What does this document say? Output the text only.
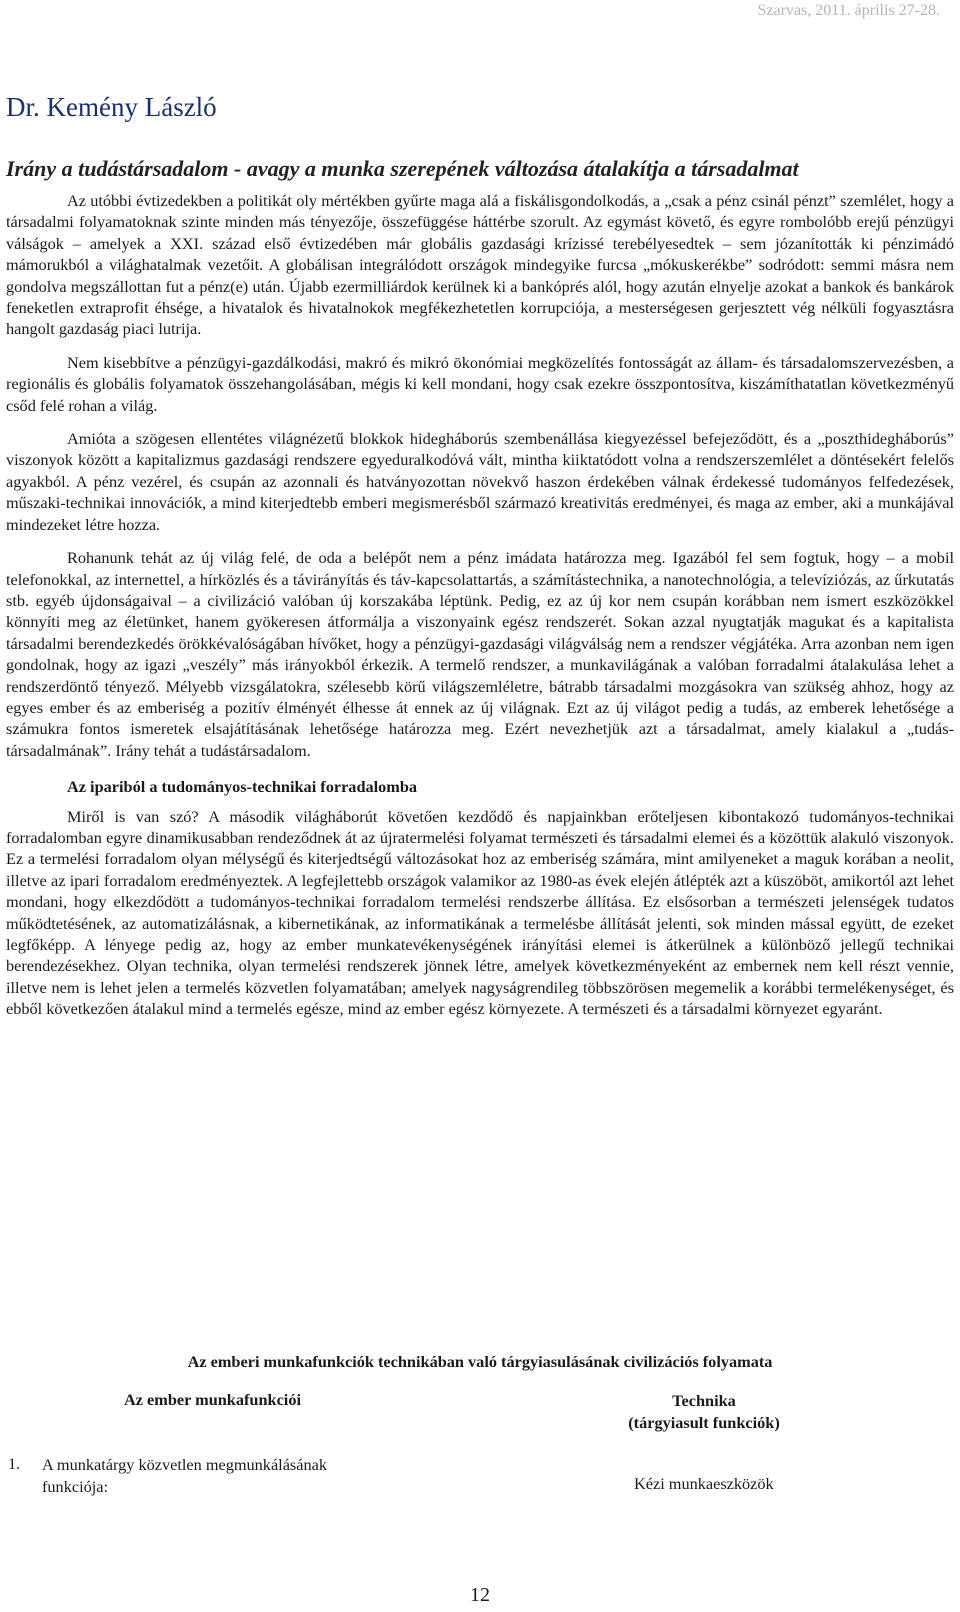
Szarvas, 2011. április 27-28.
Dr. Kemény László
Irány a tudástársadalom - avagy a munka szerepének változása átalakítja a társadalmat

Az utóbbi évtizedekben a politikát oly mértékben gyűrte maga alá a fiskálisgondolkodás, a „csak a pénz csinál pénzt” szemlélet, hogy a társadalmi folyamatoknak szinte minden más tényezője, összefüggése háttérbe szorult. Az egymást követő, és egyre rombolóbb erejű pénzügyi válságok – amelyek a XXI. század első évtizedében már globális gazdasági krízissé terebélyesedtek – sem józanították ki pénzimádó mámorukból a világhatalmak vezetőit. A globálisan integrálódott országok mindegyike furcsa „mókuskerékbe” sodródott: semmi másra nem gondolva megszállottan fut a pénz(e) után. Újabb ezermilliárdok kerülnek ki a bankóprés alól, hogy azután elnyelje azokat a bankok és bankárok feneketlen extraprofit éhsége, a hivatalok és hivatalnokok megfékezhetetlen korrupciója, a mesterségesen gerjesztett vég nélküli fogyasztásra hangolt gazdaság piaci lutrija.

Nem kisebbítve a pénzügyi-gazdálkodási, makró és mikró ökonómiai megközelítés fontosságát az állam- és társadalomszervezésben, a regionális és globális folyamatok összehangolásában, mégis ki kell mondani, hogy csak ezekre összpontosítva, kiszámíthatatlan következményű csőd felé rohan a világ.

Amióta a szögesen ellentétes világnézetű blokkok hidegháborús szembenállása kiegyezéssel befejeződött, és a „poszthidegháborús” viszonyok között a kapitalizmus gazdasági rendszere egyeduralkodóvá vált, mintha kiiktatódott volna a rendszerszemlélet a döntésekért felelős agyakból. A pénz vezérel, és csupán az azonnali és hatványozottan növekvő haszon érdekében válnak érdekessé tudományos felfedezések, műszaki-technikai innovációk, a mind kiterjedtebb emberi megismerésből származó kreativitás eredményei, és maga az ember, aki a munkájával mindezeket létre hozza.

Rohanunk tehát az új világ felé, de oda a belépőt nem a pénz imádata határozza meg. Igazából fel sem fogtuk, hogy – a mobil telefonokkal, az internettel, a hírközlés és a távirányítás és táv-kapcsolattartás, a számítástechnika, a nanotechnológia, a televíziózás, az űrkutatás stb. egyéb újdonságaival – a civilizáció valóban új korszakába léptünk. Pedig, ez az új kor nem csupán korábban nem ismert eszközökkel könnyíti meg az életünket, hanem gyökeresen átformálja a viszonyaink egész rendszerét. Sokan azzal nyugtatják magukat és a kapitalista társadalmi berendezkedés örökkévalóságában hívőket, hogy a pénzügyi-gazdasági világválság nem a rendszer végjátéka. Arra azonban nem igen gondolnak, hogy az igazi „veszély” más irányokból érkezik. A termelő rendszer, a munkavilágának a valóban forradalmi átalakulása lehet a rendszerdöntő tényező. Mélyebb vizsgálatokra, szélesebb körű világszemléletre, bátrabb társadalmi mozgásokra van szükség ahhoz, hogy az egyes ember és az emberiség a pozitív élményét élhesse át ennek az új világnak. Ezt az új világot pedig a tudás, az emberek lehetősége a számukra fontos ismeretek elsajátításának lehetősége határozza meg. Ezért nevezhetjük azt a társadalmat, amely kialakul a „tudás-társadalmának”. Irány tehát a tudástársadalom.

Az ipariból a tudományos-technikai forradalomba

Miről is van szó? A második világháborút követően kezdődő és napjainkban erőteljesen kibontakozó tudományos-technikai forradalomban egyre dinamikusabban rendeződnek át az újratermelési folyamat természeti és társadalmi elemei és a közöttük alakuló viszonyok. Ez a termelési forradalom olyan mélységű és kiterjedtségű változásokat hoz az emberiség számára, mint amilyeneket a maguk korában a neolit, illetve az ipari forradalom eredményeztek. A legfejlettebb országok valamikor az 1980-as évek elején átlépték azt a küszöböt, amikortól azt lehet mondani, hogy elkezdődött a tudományos-technikai forradalom termelési rendszerbe állítása. Ez elsősorban a természeti jelenségek tudatos működtetésének, az automatizálásnak, a kibernetikának, az informatikának a termelésbe állítását jelenti, sok minden mással együtt, de ezeket legfőképp. A lényege pedig az, hogy az ember munkatevékenységének irányítási elemei is átkerülnek a különböző jellegű technikai berendezésekhez. Olyan technika, olyan termelési rendszerek jönnek létre, amelyek következményeként az embernek nem kell részt vennie, illetve nem is lehet jelen a termelés közvetlen folyamatában; amelyek nagyságrendileg többszörösen megemelik a korábbi termelékenységet, és ebből következően átalakul mind a termelés egésze, mind az ember egész környezete. A természeti és a társadalmi környezet egyaránt.

Az emberi munkafunkciók technikában való tárgyiasulásának civilizációs folyamata
Az ember munkafunkciói	Technika
(tárgyiasult funkciók)
1. A munkatárgy közvetlen megmunkálásának
funkciója:	Kézi munkaeszközök
12
